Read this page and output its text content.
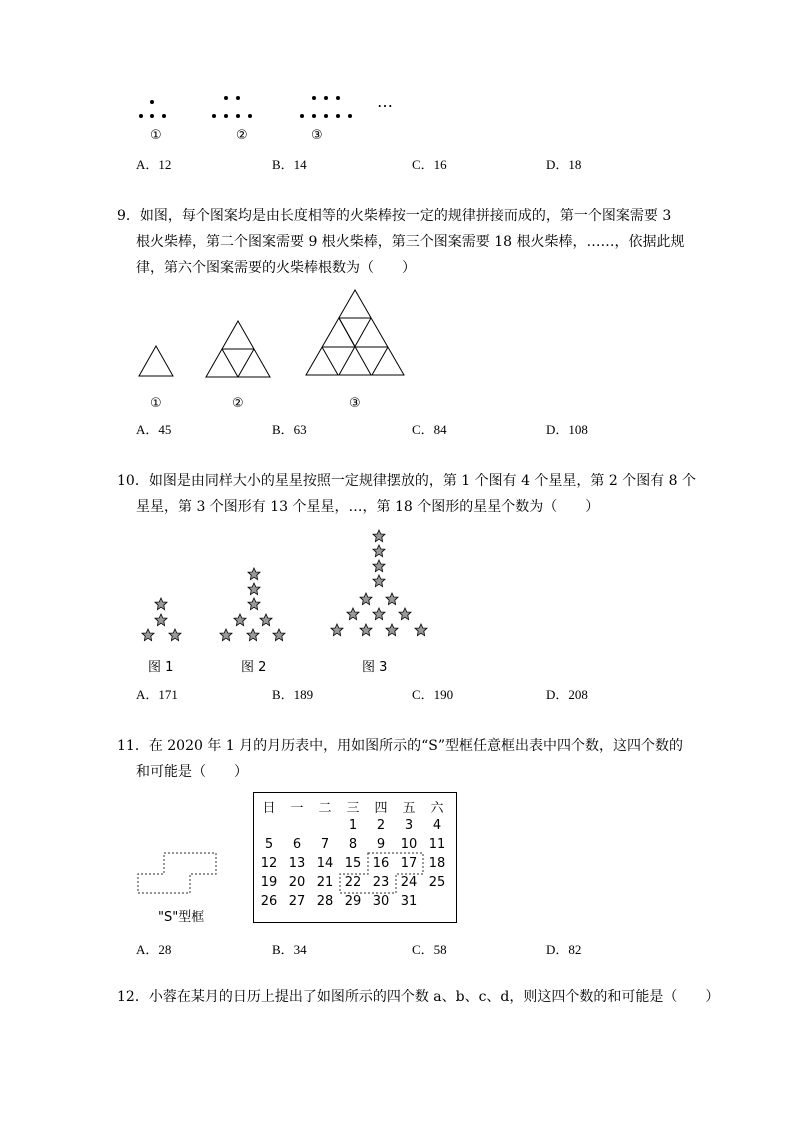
…
①	②	③
A．12	B．14	C．16	D．18
9．如图，每个图案均是由长度相等的火柴棒按一定的规律拼接而成的，第一个图案需要 3
根火柴棒，第二个图案需要 9 根火柴棒，第三个图案需要 18 根火柴棒，……，依据此规
律，第六个图案需要的火柴棒根数为（　　）
①	②	③
A．45	B．63	C．84	D．108
10．如图是由同样大小的星星按照一定规律摆放的，第 1 个图有 4 个星星，第 2 个图有 8 个
星星，第 3 个图形有 13 个星星，…，第 18 个图形的星星个数为（　　）
图 1	图 2	图 3
A．171	B．189	C．190	D．208
11．在 2020 年 1 月的月历表中，用如图所示的“S”型框任意框出表中四个数，这四个数的
和可能是（　　）
"S"型框
日	一	二	三	四	五	六
			1	2	3	4
5	6	7	8	9	10	11
12	13	14	15	16	17	18
19	20	21	22	23	24	25
26	27	28	29	30	31	
A．28	B．34	C．58	D．82
12．小蓉在某月的日历上提出了如图所示的四个数 a、b、c、d，则这四个数的和可能是（　　）
